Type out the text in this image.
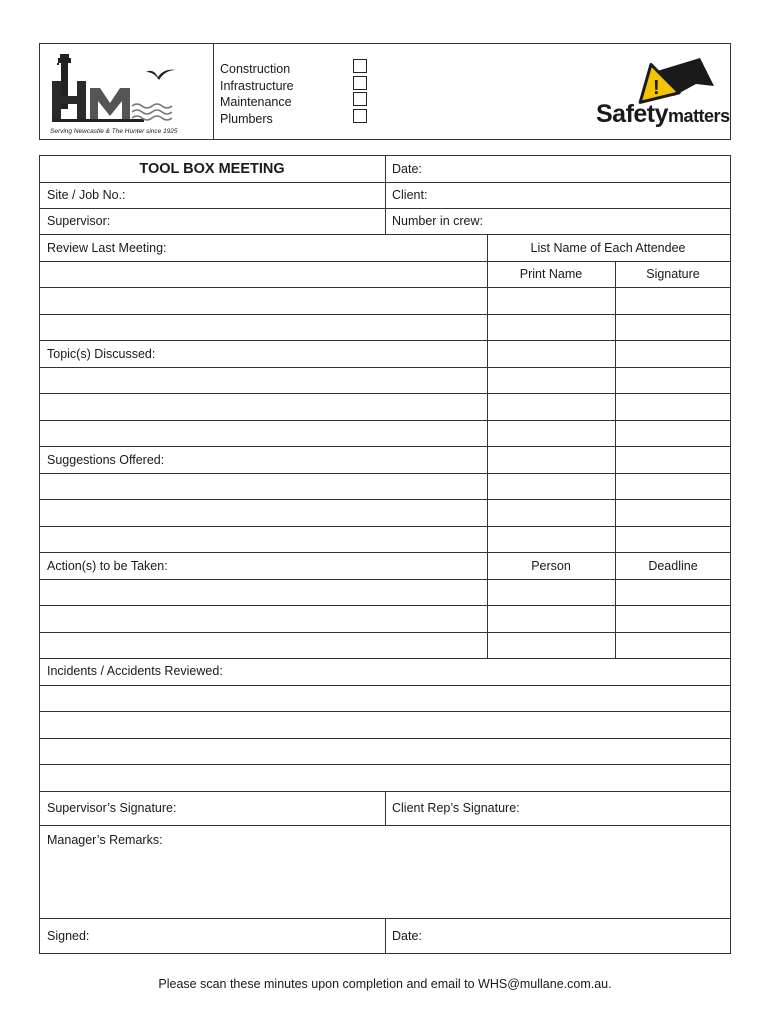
Serving Newcastle & The Hunter since 1925
Construction
Infrastructure
Maintenance
Plumbers
!
Safetymatters
TOOL BOX MEETING	Date:
Site / Job No.:	Client:
Supervisor:	Number in crew:
Review Last Meeting:	List Name of Each Attendee
Print Name	Signature
Topic(s) Discussed:
Suggestions Offered:
Action(s) to be Taken:	Person	Deadline
Incidents / Accidents Reviewed:
Supervisor’s Signature:	Client Rep’s Signature:
Manager’s Remarks:
Signed:	Date:
Please scan these minutes upon completion and email to WHS@mullane.com.au.
